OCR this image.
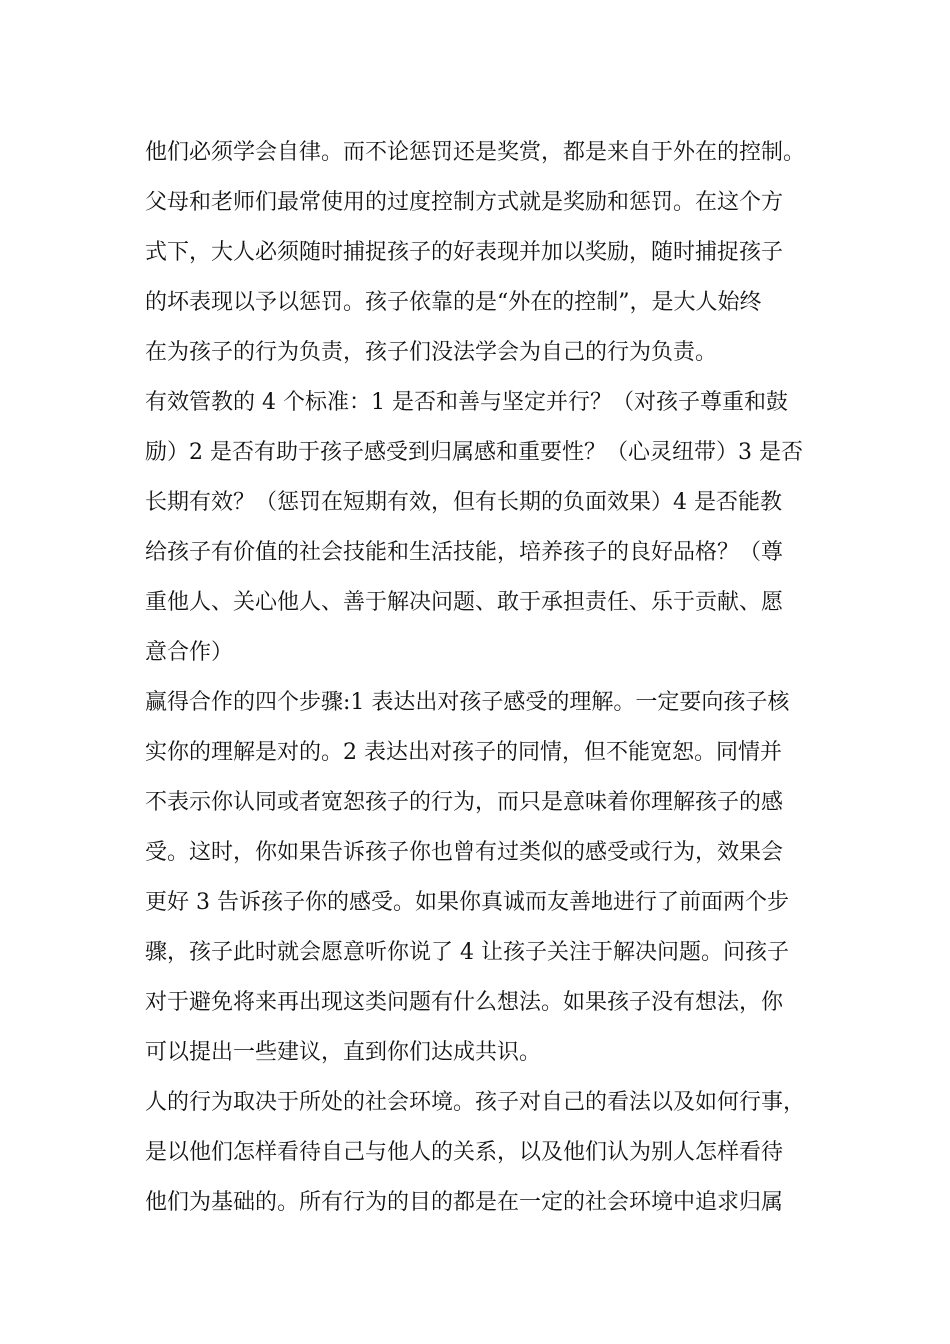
他们必须学会自律。而不论惩罚还是奖赏，都是来自于外在的控制。
父母和老师们最常使用的过度控制方式就是奖励和惩罚。在这个方
式下，大人必须随时捕捉孩子的好表现并加以奖励，随时捕捉孩子
的坏表现以予以惩罚。孩子依靠的是“外在的控制”，是大人始终
在为孩子的行为负责，孩子们没法学会为自己的行为负责。
有效管教的 4 个标准：1 是否和善与坚定并行？（对孩子尊重和鼓
励）2 是否有助于孩子感受到归属感和重要性？（心灵纽带）3 是否
长期有效？（惩罚在短期有效，但有长期的负面效果）4 是否能教
给孩子有价值的社会技能和生活技能，培养孩子的良好品格？（尊
重他人、关心他人、善于解决问题、敢于承担责任、乐于贡献、愿
意合作）
赢得合作的四个步骤:1 表达出对孩子感受的理解。一定要向孩子核
实你的理解是对的。2 表达出对孩子的同情，但不能宽恕。同情并
不表示你认同或者宽恕孩子的行为，而只是意味着你理解孩子的感
受。这时，你如果告诉孩子你也曾有过类似的感受或行为，效果会
更好 3 告诉孩子你的感受。如果你真诚而友善地进行了前面两个步
骤，孩子此时就会愿意听你说了 4 让孩子关注于解决问题。问孩子
对于避免将来再出现这类问题有什么想法。如果孩子没有想法，你
可以提出一些建议，直到你们达成共识。
人的行为取决于所处的社会环境。孩子对自己的看法以及如何行事，
是以他们怎样看待自己与他人的关系，以及他们认为别人怎样看待
他们为基础的。所有行为的目的都是在一定的社会环境中追求归属
